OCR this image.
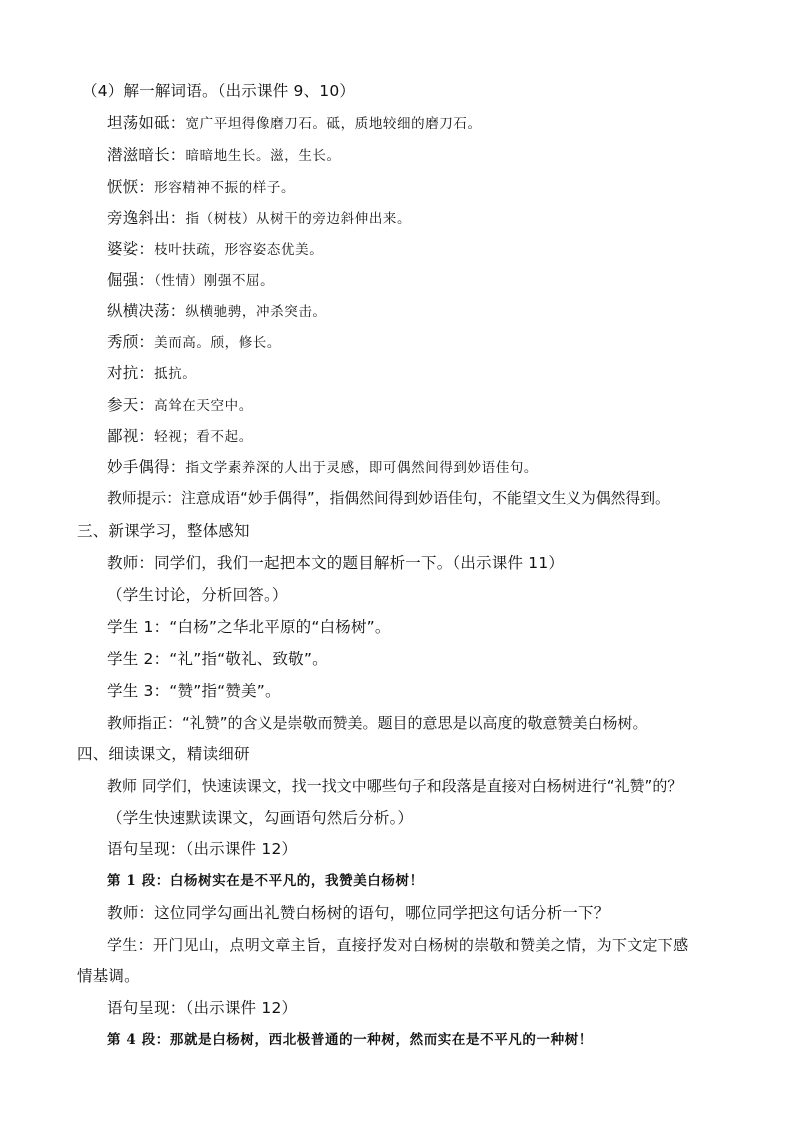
（4）解一解词语。（出示课件 9、10）
坦荡如砥：宽广平坦得像磨刀石。砥，质地较细的磨刀石。
潜滋暗长：暗暗地生长。滋，生长。
恹恹：形容精神不振的样子。
旁逸斜出：指（树枝）从树干的旁边斜伸出来。
婆娑：枝叶扶疏，形容姿态优美。
倔强：（性情）刚强不屈。
纵横决荡：纵横驰骋，冲杀突击。
秀颀：美而高。颀，修长。
对抗：抵抗。
参天：高耸在天空中。
鄙视：轻视；看不起。
妙手偶得：指文学素养深的人出于灵感，即可偶然间得到妙语佳句。
教师提示：注意成语“妙手偶得”，指偶然间得到妙语佳句，不能望文生义为偶然得到。
三、新课学习，整体感知
教师：同学们，我们一起把本文的题目解析一下。（出示课件 11）
（学生讨论，分析回答。）
学生 1：“白杨”之华北平原的“白杨树”。
学生 2：“礼”指“敬礼、致敬”。
学生 3：“赞”指“赞美”。
教师指正：“礼赞”的含义是崇敬而赞美。题目的意思是以高度的敬意赞美白杨树。
四、细读课文，精读细研
教师 同学们，快速读课文，找一找文中哪些句子和段落是直接对白杨树进行“礼赞”的？
（学生快速默读课文，勾画语句然后分析。）
语句呈现：（出示课件 12）
第 1 段：白杨树实在是不平凡的，我赞美白杨树！
教师：这位同学勾画出礼赞白杨树的语句，哪位同学把这句话分析一下？
学生：开门见山，点明文章主旨，直接抒发对白杨树的崇敬和赞美之情，为下文定下感
情基调。
语句呈现：（出示课件 12）
第 4 段：那就是白杨树，西北极普通的一种树，然而实在是不平凡的一种树！
